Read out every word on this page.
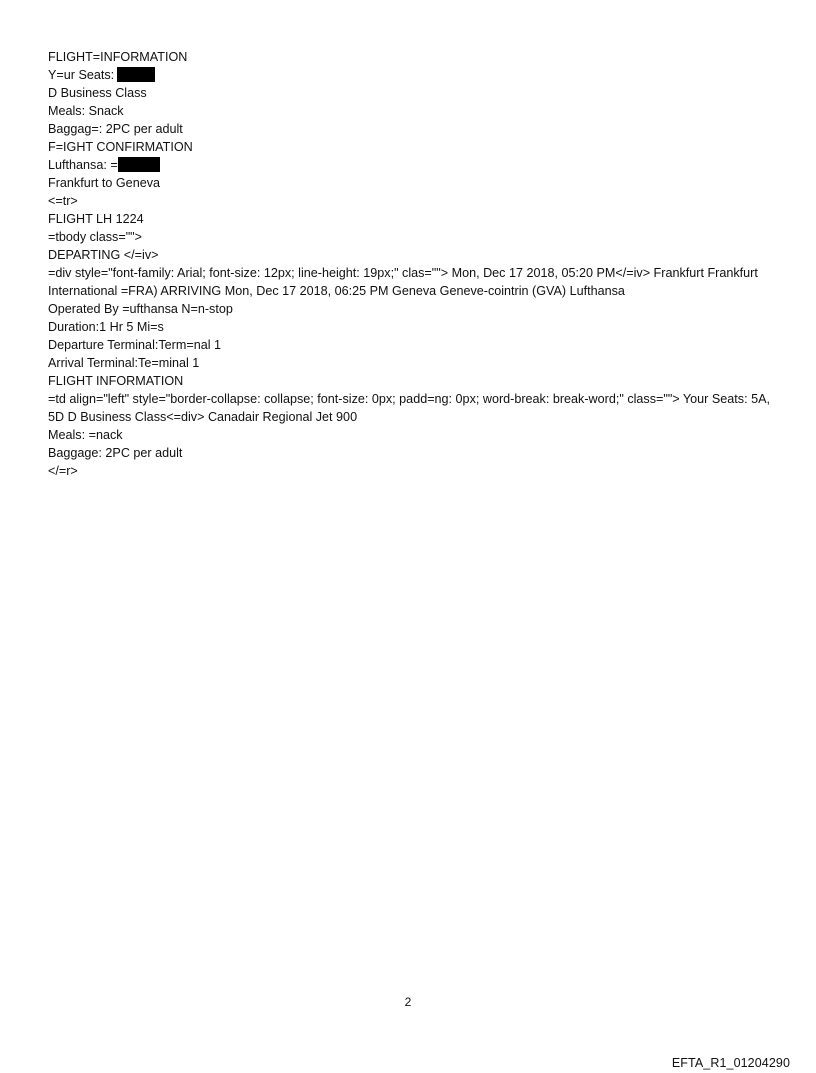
FLIGHT=INFORMATION
Y=ur Seats:
D Business Class
Meals: Snack
Baggag=: 2PC per adult
F=IGHT CONFIRMATION
Lufthansa: =
Frankfurt to Geneva
<=tr>
FLIGHT LH 1224
=tbody class="">
DEPARTING </=iv>
=div style="font-family: Arial; font-size: 12px; line-height: 19px;" clas=""> Mon, Dec 17 2018, 05:20 PM</=iv> Frankfurt Frankfurt International =FRA) ARRIVING Mon, Dec 17 2018, 06:25 PM Geneva Geneve-cointrin (GVA) Lufthansa
Operated By =ufthansa N=n-stop
Duration:1 Hr 5 Mi=s
Departure Terminal:Term=nal 1
Arrival Terminal:Te=minal 1
FLIGHT INFORMATION
=td align="left" style="border-collapse: collapse; font-size: 0px; padd=ng: 0px; word-break: break-word;" class=""> Your Seats: 5A, 5D D Business Class<=div> Canadair Regional Jet 900
Meals: =nack
Baggage: 2PC per adult
</=r>
2
EFTA_R1_01204290
